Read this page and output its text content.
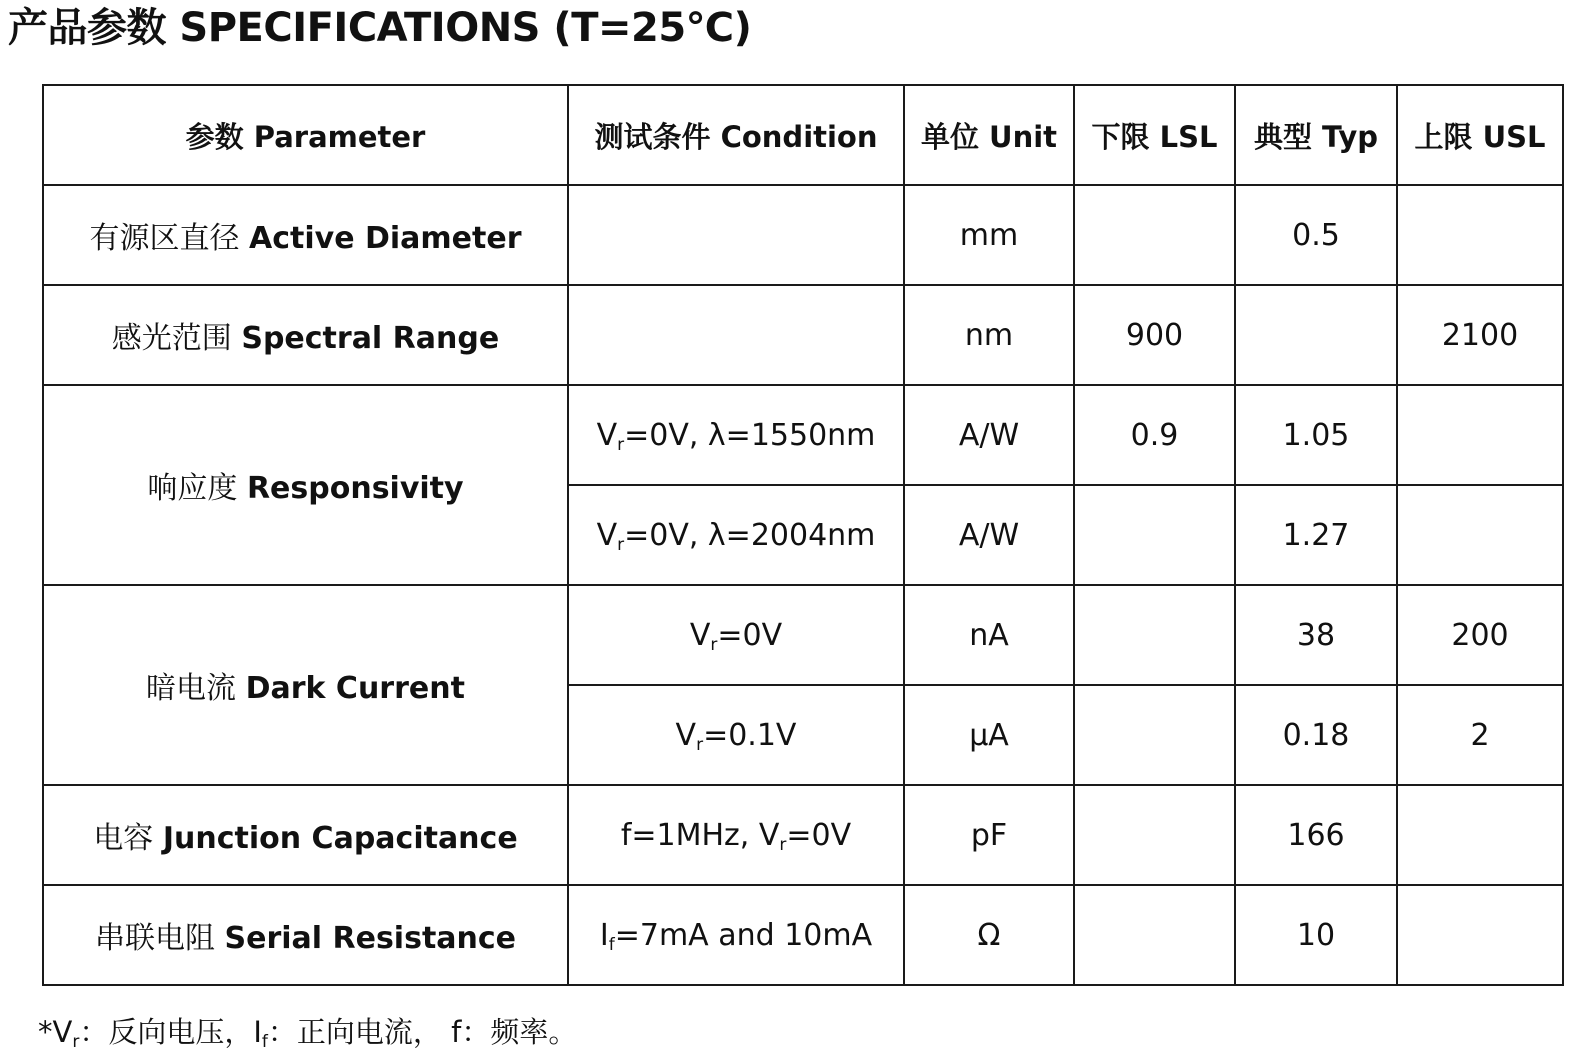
产品参数 SPECIFICATIONS (T=25℃)
参数 Parameter	测试条件 Condition	单位 Unit	下限 LSL	典型 Typ	上限 USL
有源区直径 Active Diameter		mm		0.5	
感光范围 Spectral Range		nm	900		2100
响应度 Responsivity	$V_r=0V$, λ=1550nm	A/W	0.9	1.05	
	$V_r=0V$, λ=2004nm	A/W		1.27	
暗电流 Dark Current	$V_r=0V$	nA		38	200
	$V_r=0.1V$	µA		0.18	2
电容 Junction Capacitance	f=1MHz, $V_r=0V$	pF		166	
串联电阻 Serial Resistance	$I_f=7mA$ and 10mA	Ω		10	
$*V_r$：反向电压，$I_f$：正向电流， f：频率。
